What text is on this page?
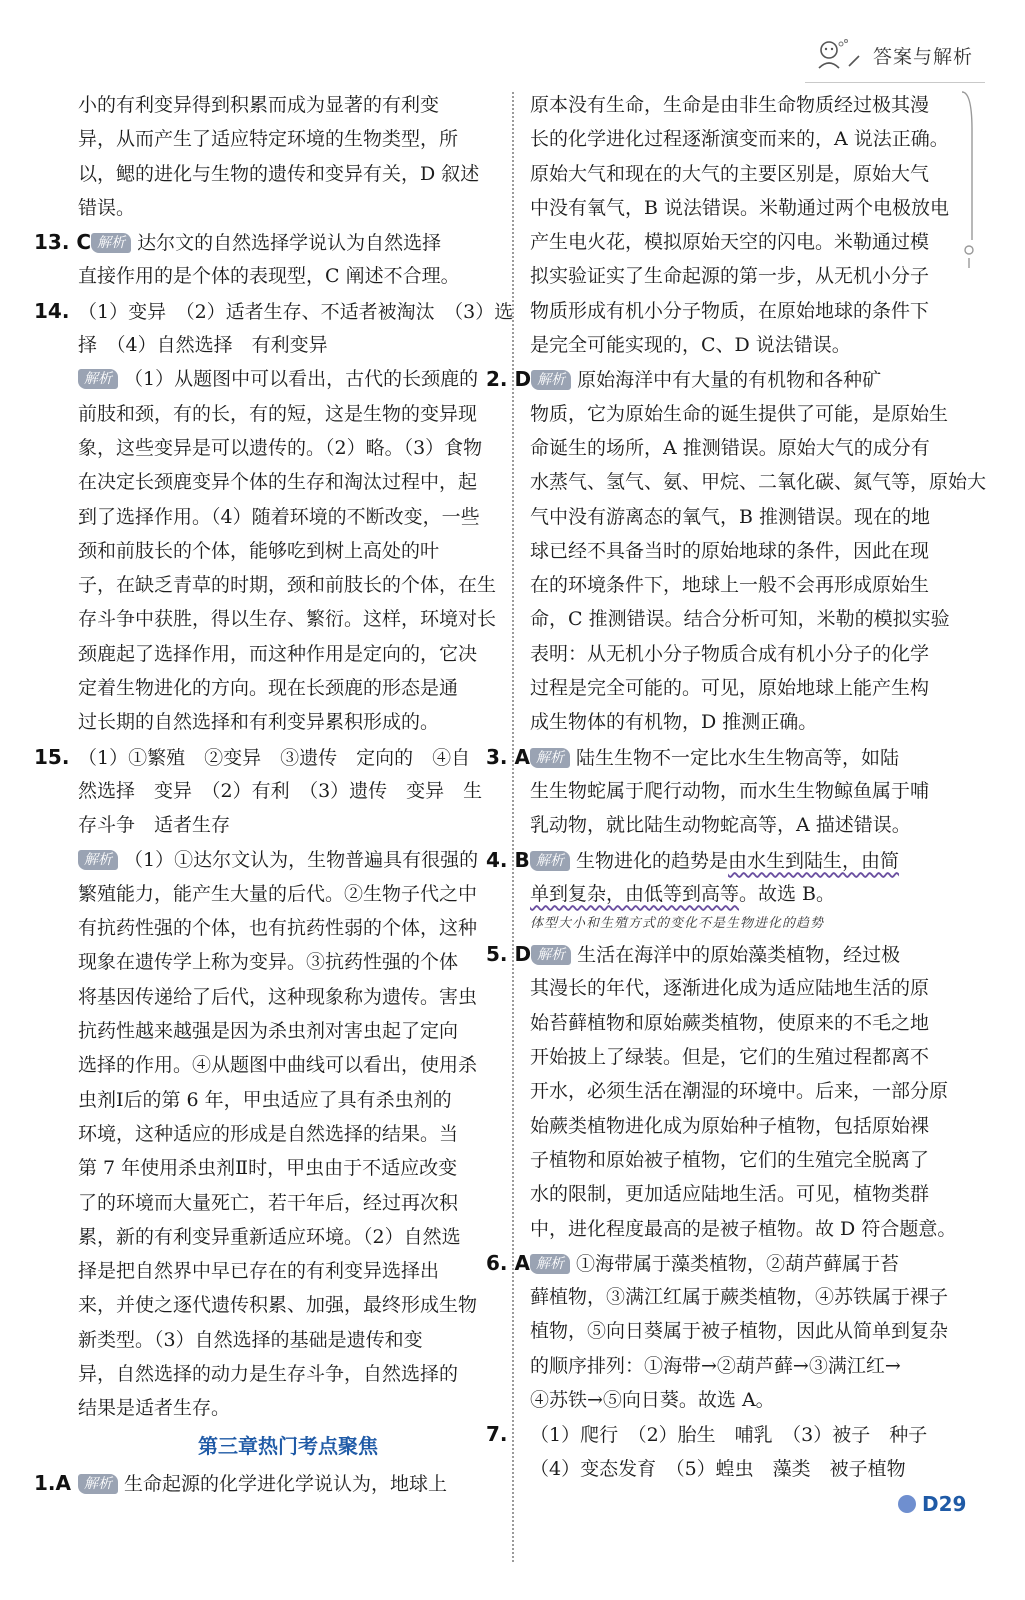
答案与解析
小的有利变异得到积累而成为显著的有利变
异，从而产生了适应特定环境的生物类型，所
以，鳃的进化与生物的遗传和变异有关，D 叙述
错误。
13. C 解析 达尔文的自然选择学说认为自然选择
直接作用的是个体的表现型，C 阐述不合理。
14. （1）变异　（2）适者生存、不适者被淘汰　（3）选
择　（4）自然选择　有利变异
解析 （1）从题图中可以看出，古代的长颈鹿的
前肢和颈，有的长，有的短，这是生物的变异现
象，这些变异是可以遗传的。（2）略。（3）食物
在决定长颈鹿变异个体的生存和淘汰过程中，起
到了选择作用。（4）随着环境的不断改变，一些
颈和前肢长的个体，能够吃到树上高处的叶
子，在缺乏青草的时期，颈和前肢长的个体，在生
存斗争中获胜，得以生存、繁衍。这样，环境对长
颈鹿起了选择作用，而这种作用是定向的，它决
定着生物进化的方向。现在长颈鹿的形态是通
过长期的自然选择和有利变异累积形成的。
15. （1）①繁殖　②变异　③遗传　定向的　④自
然选择　变异　（2）有利　（3）遗传　变异　生
存斗争　适者生存
解析 （1）①达尔文认为，生物普遍具有很强的
繁殖能力，能产生大量的后代。②生物子代之中
有抗药性强的个体，也有抗药性弱的个体，这种
现象在遗传学上称为变异。③抗药性强的个体
将基因传递给了后代，这种现象称为遗传。害虫
抗药性越来越强是因为杀虫剂对害虫起了定向
选择的作用。④从题图中曲线可以看出，使用杀
虫剂Ⅰ后的第 6 年，甲虫适应了具有杀虫剂的
环境，这种适应的形成是自然选择的结果。当
第 7 年使用杀虫剂Ⅱ时，甲虫由于不适应改变
了的环境而大量死亡，若干年后，经过再次积
累，新的有利变异重新适应环境。（2）自然选
择是把自然界中早已存在的有利变异选择出
来，并使之逐代遗传积累、加强，最终形成生物
新类型。（3）自然选择的基础是遗传和变
异，自然选择的动力是生存斗争，自然选择的
结果是适者生存。
第三章热门考点聚焦
1.A 解析 生命起源的化学进化学说认为，地球上
原本没有生命，生命是由非生命物质经过极其漫
长的化学进化过程逐渐演变而来的，A 说法正确。
原始大气和现在的大气的主要区别是，原始大气
中没有氧气，B 说法错误。米勒通过两个电极放电
产生电火花，模拟原始天空的闪电。米勒通过模
拟实验证实了生命起源的第一步，从无机小分子
物质形成有机小分子物质，在原始地球的条件下
是完全可能实现的，C、D 说法错误。
2. D 解析 原始海洋中有大量的有机物和各种矿
物质，它为原始生命的诞生提供了可能，是原始生
命诞生的场所，A 推测错误。原始大气的成分有
水蒸气、氢气、氨、甲烷、二氧化碳、氮气等，原始大
气中没有游离态的氧气，B 推测错误。现在的地
球已经不具备当时的原始地球的条件，因此在现
在的环境条件下，地球上一般不会再形成原始生
命，C 推测错误。结合分析可知，米勒的模拟实验
表明：从无机小分子物质合成有机小分子的化学
过程是完全可能的。可见，原始地球上能产生构
成生物体的有机物，D 推测正确。
3. A 解析 陆生生物不一定比水生生物高等，如陆
生生物蛇属于爬行动物，而水生生物鲸鱼属于哺
乳动物，就比陆生动物蛇高等，A 描述错误。
4. B 解析 生物进化的趋势是由水生到陆生，由简
单到复杂，由低等到高等。故选 B。
体型大小和生殖方式的变化不是生物进化的趋势
5. D 解析 生活在海洋中的原始藻类植物，经过极
其漫长的年代，逐渐进化成为适应陆地生活的原
始苔藓植物和原始蕨类植物，使原来的不毛之地
开始披上了绿装。但是，它们的生殖过程都离不
开水，必须生活在潮湿的环境中。后来，一部分原
始蕨类植物进化成为原始种子植物，包括原始裸
子植物和原始被子植物，它们的生殖完全脱离了
水的限制，更加适应陆地生活。可见，植物类群
中，进化程度最高的是被子植物。故 D 符合题意。
6. A 解析 ①海带属于藻类植物，②葫芦藓属于苔
藓植物，③满江红属于蕨类植物，④苏铁属于裸子
植物，⑤向日葵属于被子植物，因此从简单到复杂
的顺序排列：①海带→②葫芦藓→③满江红→
④苏铁→⑤向日葵。故选 A。
7. （1）爬行　（2）胎生　哺乳　（3）被子　种子
（4）变态发育　（5）蝗虫　藻类　被子植物
D29
